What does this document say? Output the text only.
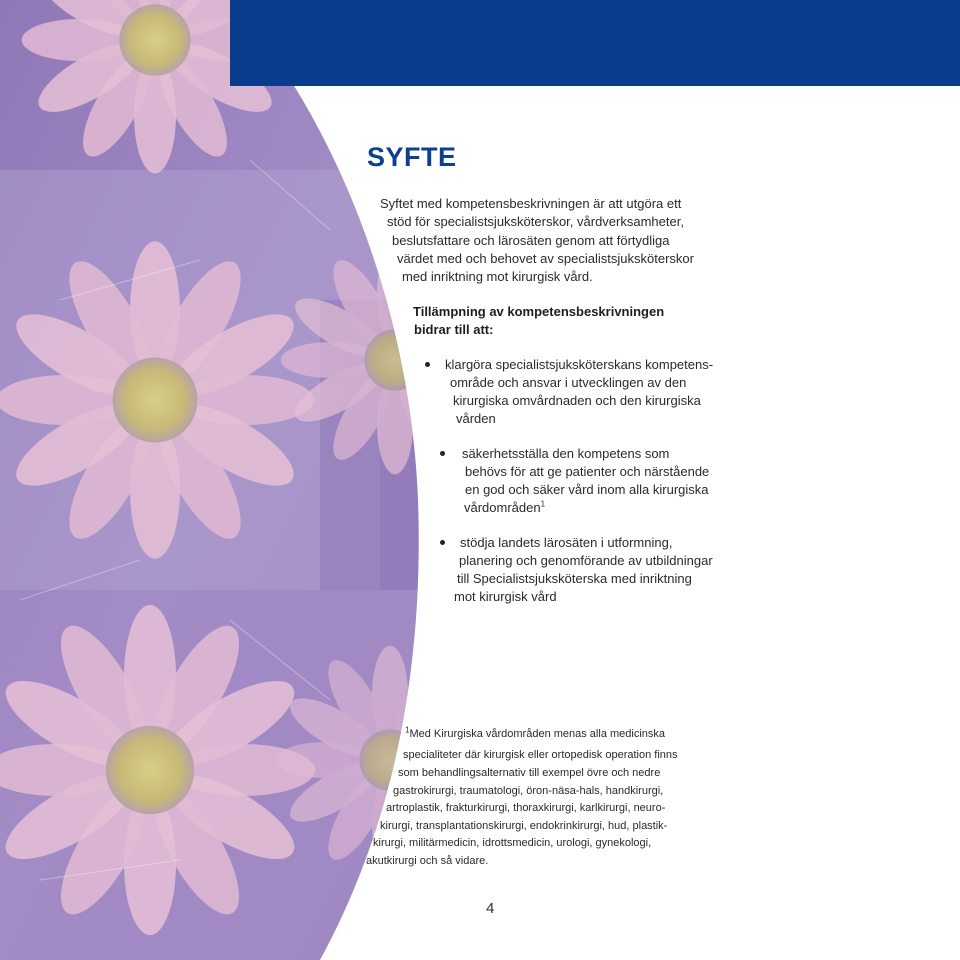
SYFTE
Syftet med kompetensbeskrivningen är att utgöra ett
stöd för specialistsjuksköterskor, vårdverksamheter,
beslutsfattare och lärosäten genom att förtydliga
värdet med och behovet av specialistsjuksköterskor
med inriktning mot kirurgisk vård.
Tillämpning av kompetensbeskrivningen
bidrar till att:
klargöra specialistsjuksköterskans kompetens-
område och ansvar i utvecklingen av den
kirurgiska omvårdnaden och den kirurgiska
vården
säkerhetsställa den kompetens som
behövs för att ge patienter och närstående
en god och säker vård inom alla kirurgiska
vårdområden$^1$
stödja landets lärosäten i utformning,
planering och genomförande av utbildningar
till Specialistsjuksköterska med inriktning
mot kirurgisk vård
$^1$Med Kirurgiska vårdområden menas alla medicinska
specialiteter där kirurgisk eller ortopedisk operation finns
som behandlingsalternativ till exempel övre och nedre
gastrokirurgi, traumatologi, öron-näsa-hals, handkirurgi,
artroplastik, frakturkirurgi, thoraxkirurgi, karlkirurgi, neuro-
kirurgi, transplantationskirurgi, endokrinkirurgi, hud, plastik-
kirurgi, militärmedicin, idrottsmedicin, urologi, gynekologi,
akutkirurgi och så vidare.
4
